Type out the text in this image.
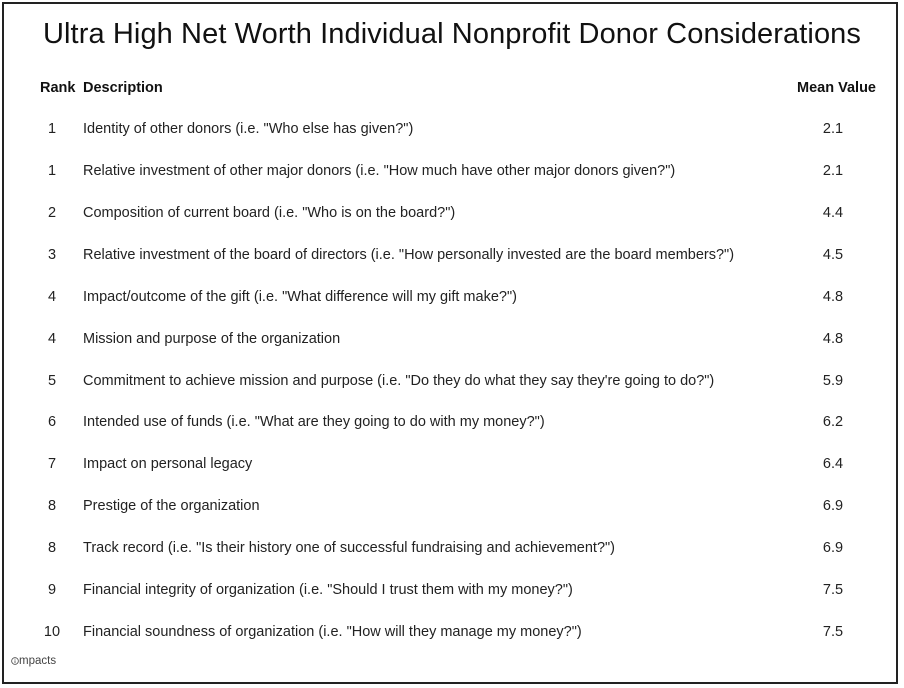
Ultra High Net Worth Individual Nonprofit Donor Considerations
Rank Description	Mean Value
1	Identity of other donors (i.e. "Who else has given?")	2.1
1	Relative investment of other major donors (i.e. "How much have other major donors given?")	2.1
2	Composition of current board (i.e. "Who is on the board?")	4.4
3	Relative investment of the board of directors (i.e. "How personally invested are the board members?")	4.5
4	Impact/outcome of the gift (i.e. "What difference will my gift make?")	4.8
4	Mission and purpose of the organization	4.8
5	Commitment to achieve mission and purpose (i.e. "Do they do what they say they're going to do?")	5.9
6	Intended use of funds (i.e. "What are they going to do with my money?")	6.2
7	Impact on personal legacy	6.4
8	Prestige of the organization	6.9
8	Track record (i.e. "Is their history one of successful fundraising and achievement?")	6.9
9	Financial integrity of organization (i.e. "Should I trust them with my money?")	7.5
10	Financial soundness of organization (i.e. "How will they manage my money?")	7.5
mpacts
